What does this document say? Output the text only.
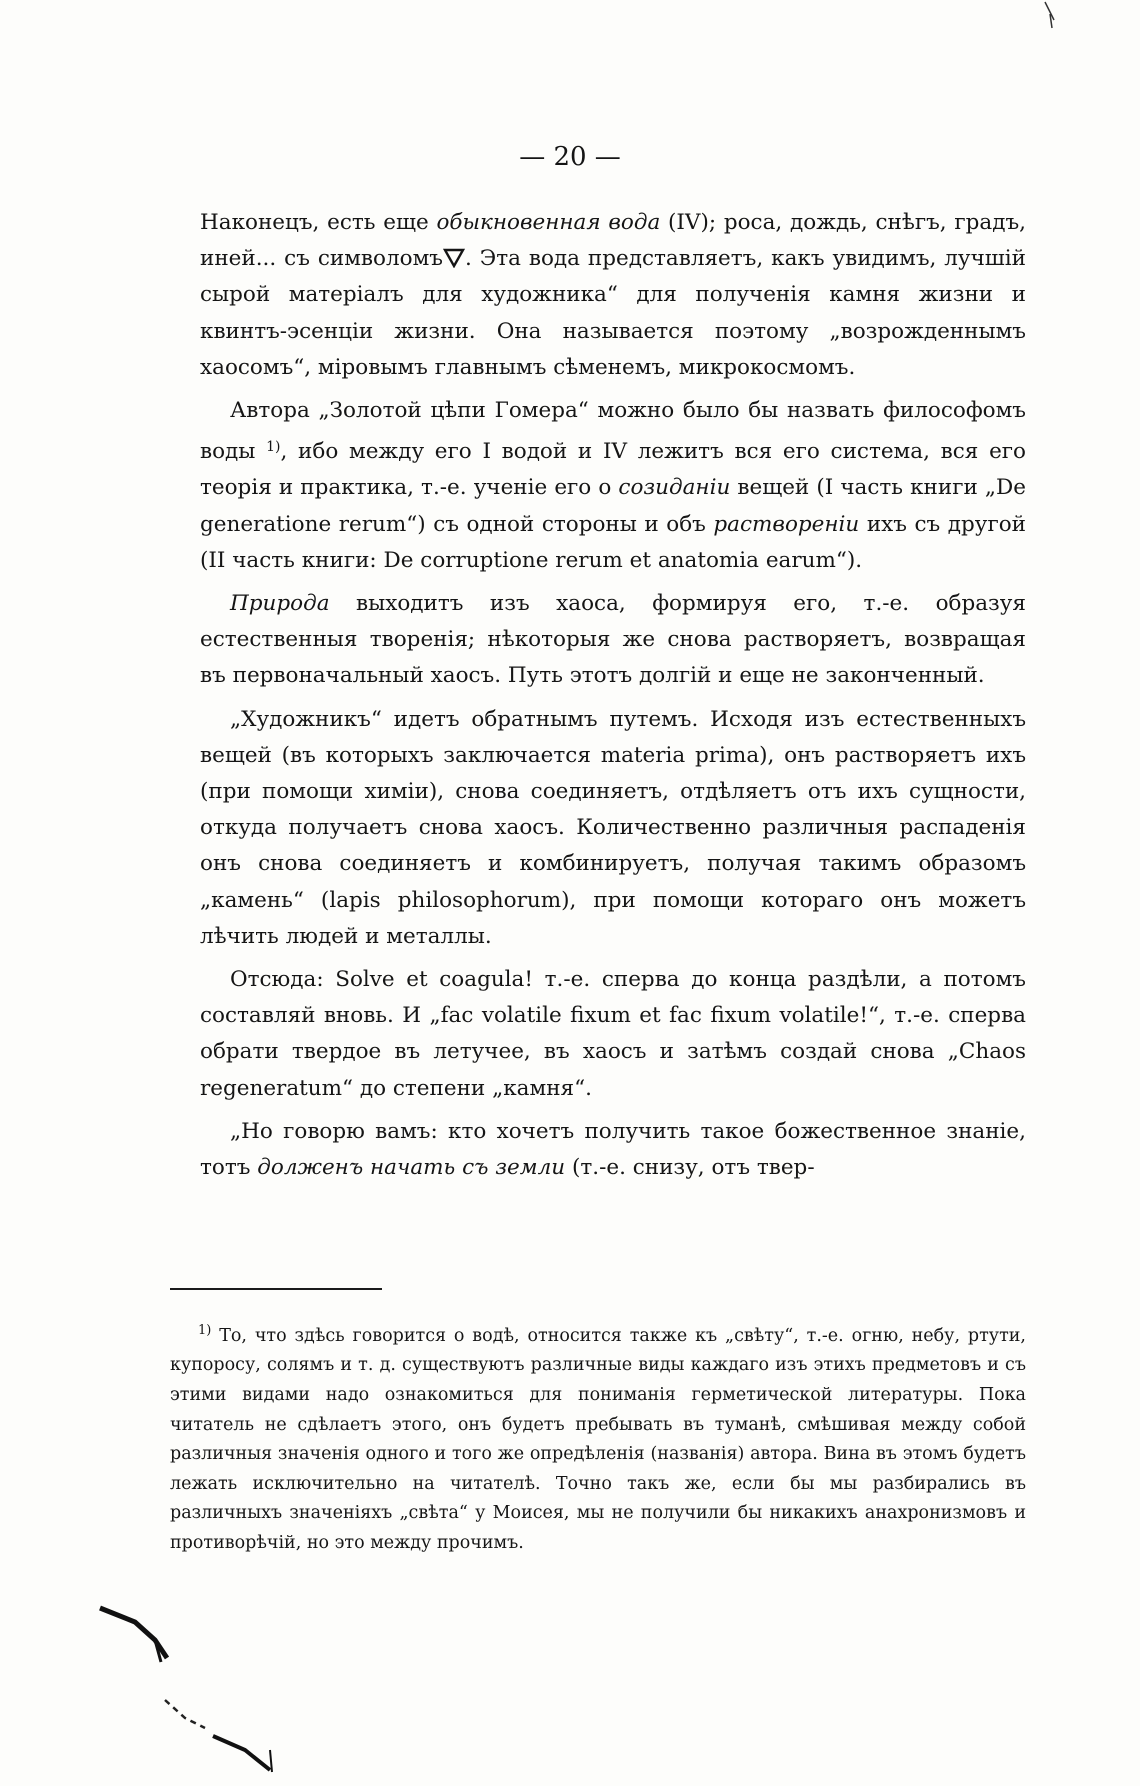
— 20 —

Наконецъ, есть еще обыкновенная вода (IV); роса, дождь, снѣгъ, градъ, иней... съ символомъ . Эта вода представляетъ, какъ увидимъ, лучшій сырой матеріалъ для художника“ для получeнія камня жизни и квинтъ-эсенціи жизни. Она называется поэтому „возрожденнымъ хаосомъ“, міровымъ главнымъ сѣменемъ, микрокосмомъ.

Автора „Золотой цѣпи Гомера“ можно было бы назвать философомъ воды $^{1)}$, ибо между его I водой и IV лежитъ вся его система, вся его теорія и практика, т.-е. ученіе его о созиданіи вещей (I часть книги „De generatione rerum“) съ одной стороны и объ раствореніи ихъ съ другой (II часть книги: De corruptione rerum et anatomia earum“).

Природа выходитъ изъ хаоса, формируя его, т.-е. образуя естественныя творенія; нѣкоторыя же снова растворяетъ, возвращая въ первоначальный хаосъ. Путь этотъ долгій и еще не законченный.

„Художникъ“ идетъ обратнымъ путемъ. Исходя изъ естественныхъ вещей (въ которыхъ заключается materia prima), онъ растворяетъ ихъ (при помощи химіи), снова соединяетъ, отдѣляетъ отъ ихъ сущности, откуда получаетъ снова хаосъ. Количественно различныя распаденія онъ снова соединяетъ и комбинируетъ, получая такимъ образомъ „камень“ (lapis philosophorum), при помощи котораго онъ можетъ лѣчить людей и металлы.

Отсюда: Solve et coagula! т.-е. сперва до конца раздѣли, а потомъ составляй вновь. И „fac volatile fixum et fac fixum volatile!“, т.-е. сперва обрати твердое въ летучее, въ хаосъ и затѣмъ создай снова „Chaos regeneratum“ до степени „камня“.

„Но говорю вамъ: кто хочетъ получить такое божественное знаніе, тотъ долженъ начать съ земли (т.-е. снизу, отъ твер-

$^{1)}$ То, что здѣсь говорится о водѣ, относится также къ „свѣту“, т.-е. огню, небу, ртути, купоросу, солямъ и т. д. существуютъ различные виды каждаго изъ этихъ предметовъ и съ этими видами надо ознакомиться для пониманія герметической литературы. Пока читатель не сдѣлаетъ этого, онъ будетъ пребывать въ туманѣ, смѣшивая между собой различныя значенія одного и того же опредѣленія (названія) автора. Вина въ этомъ будетъ лежать исключительно на читателѣ. Точно такъ же, если бы мы разбирались въ различныхъ значеніяхъ „свѣта“ у Моисея, мы не получили бы никакихъ анахронизмовъ и противорѣчій, но это между прочимъ.
